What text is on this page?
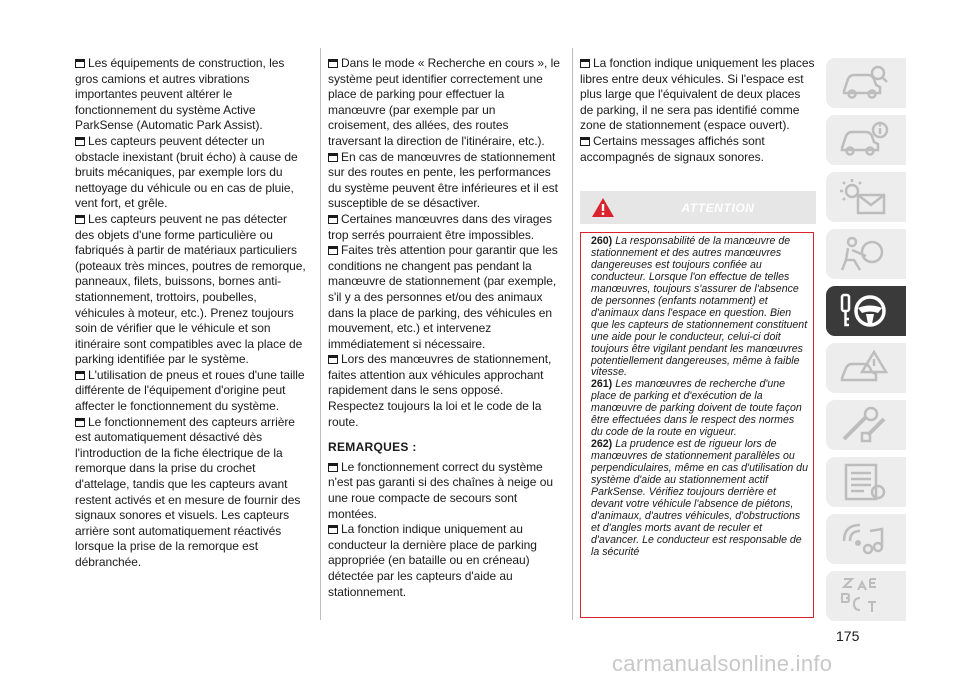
Les équipements de construction, les gros camions et autres vibrations importantes peuvent altérer le fonctionnement du système Active ParkSense (Automatic Park Assist).

Les capteurs peuvent détecter un obstacle inexistant (bruit écho) à cause de bruits mécaniques, par exemple lors du nettoyage du véhicule ou en cas de pluie, vent fort, et grêle.

Les capteurs peuvent ne pas détecter des objets d'une forme particulière ou fabriqués à partir de matériaux particuliers (poteaux très minces, poutres de remorque, panneaux, filets, buissons, bornes anti-stationnement, trottoirs, poubelles, véhicules à moteur, etc.). Prenez toujours soin de vérifier que le véhicule et son itinéraire sont compatibles avec la place de parking identifiée par le système.

L'utilisation de pneus et roues d'une taille différente de l'équipement d'origine peut affecter le fonctionnement du système.

Le fonctionnement des capteurs arrière est automatiquement désactivé dès l'introduction de la fiche électrique de la remorque dans la prise du crochet d'attelage, tandis que les capteurs avant restent activés et en mesure de fournir des signaux sonores et visuels. Les capteurs arrière sont automatiquement réactivés lorsque la prise de la remorque est débranchée.

Dans le mode « Recherche en cours », le système peut identifier correctement une place de parking pour effectuer la manœuvre (par exemple par un croisement, des allées, des routes traversant la direction de l'itinéraire, etc.).

En cas de manœuvres de stationnement sur des routes en pente, les performances du système peuvent être inférieures et il est susceptible de se désactiver.

Certaines manœuvres dans des virages trop serrés pourraient être impossibles.

Faites très attention pour garantir que les conditions ne changent pas pendant la manœuvre de stationnement (par exemple, s'il y a des personnes et/ou des animaux dans la place de parking, des véhicules en mouvement, etc.) et intervenez immédiatement si nécessaire.

Lors des manœuvres de stationnement, faites attention aux véhicules approchant rapidement dans le sens opposé. Respectez toujours la loi et le code de la route.

REMARQUES :

Le fonctionnement correct du système n'est pas garanti si des chaînes à neige ou une roue compacte de secours sont montées.

La fonction indique uniquement au conducteur la dernière place de parking appropriée (en bataille ou en créneau) détectée par les capteurs d'aide au stationnement.

La fonction indique uniquement les places libres entre deux véhicules. Si l'espace est plus large que l'équivalent de deux places de parking, il ne sera pas identifié comme zone de stationnement (espace ouvert).

Certains messages affichés sont accompagnés de signaux sonores.

ATTENTION

260) La responsabilité de la manœuvre de stationnement et des autres manœuvres dangereuses est toujours confiée au conducteur. Lorsque l'on effectue de telles manœuvres, toujours s'assurer de l'absence de personnes (enfants notamment) et d'animaux dans l'espace en question. Bien que les capteurs de stationnement constituent une aide pour le conducteur, celui-ci doit toujours être vigilant pendant les manœuvres potentiellement dangereuses, même à faible vitesse.

261) Les manœuvres de recherche d'une place de parking et d'exécution de la manœuvre de parking doivent de toute façon être effectuées dans le respect des normes du code de la route en vigueur.

262) La prudence est de rigueur lors de manœuvres de stationnement parallèles ou perpendiculaires, même en cas d'utilisation du système d'aide au stationnement actif ParkSense. Vérifiez toujours derrière et devant votre véhicule l'absence de piétons, d'animaux, d'autres véhicules, d'obstructions et d'angles morts avant de reculer et d'avancer. Le conducteur est responsable de la sécurité

175
carmanualsonline.info
